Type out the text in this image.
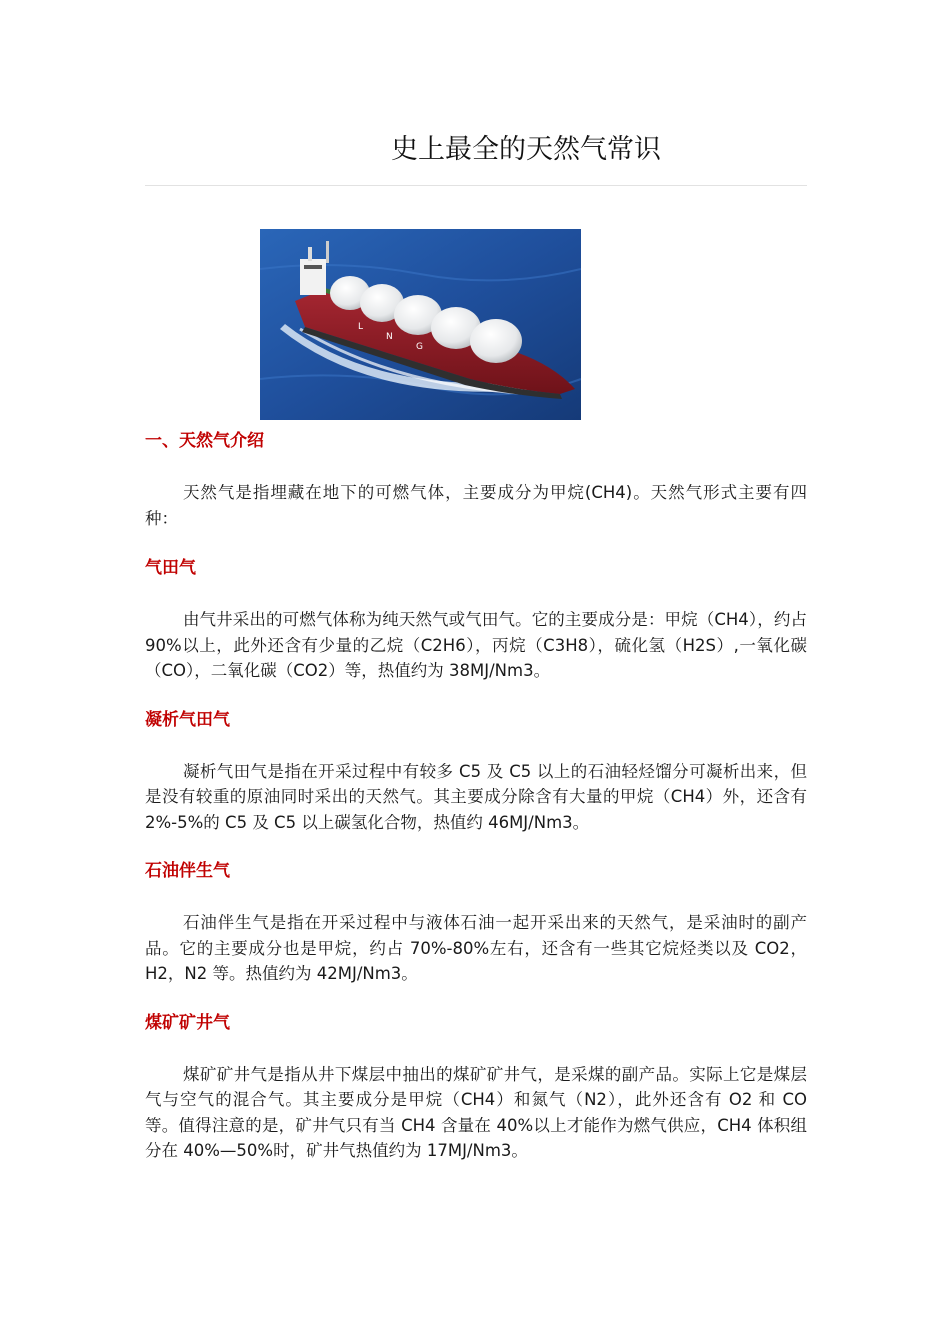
史上最全的天然气常识
L
N
G
一、天然气介绍

天然气是指埋藏在地下的可燃气体，主要成分为甲烷(CH4)。天然气形式主要有四种：

气田气

由气井采出的可燃气体称为纯天然气或气田气。它的主要成分是：甲烷（CH4），约占 90%以上，此外还含有少量的乙烷（C2H6），丙烷（C3H8），硫化氢（H2S）,一氧化碳（CO），二氧化碳（CO2）等，热值约为 38MJ/Nm3。

凝析气田气

凝析气田气是指在开采过程中有较多 C5 及 C5 以上的石油轻烃馏分可凝析出来，但是没有较重的原油同时采出的天然气。其主要成分除含有大量的甲烷（CH4）外，还含有 2%-5%的 C5 及 C5 以上碳氢化合物，热值约 46MJ/Nm3。

石油伴生气

石油伴生气是指在开采过程中与液体石油一起开采出来的天然气，是采油时的副产品。它的主要成分也是甲烷，约占 70%-80%左右，还含有一些其它烷烃类以及 CO2，H2，N2 等。热值约为 42MJ/Nm3。

煤矿矿井气

煤矿矿井气是指从井下煤层中抽出的煤矿矿井气，是采煤的副产品。实际上它是煤层气与空气的混合气。其主要成分是甲烷（CH4）和氮气（N2），此外还含有 O2 和 CO 等。值得注意的是，矿井气只有当 CH4 含量在 40%以上才能作为燃气供应，CH4 体积组分在 40%—50%时，矿井气热值约为 17MJ/Nm3。
